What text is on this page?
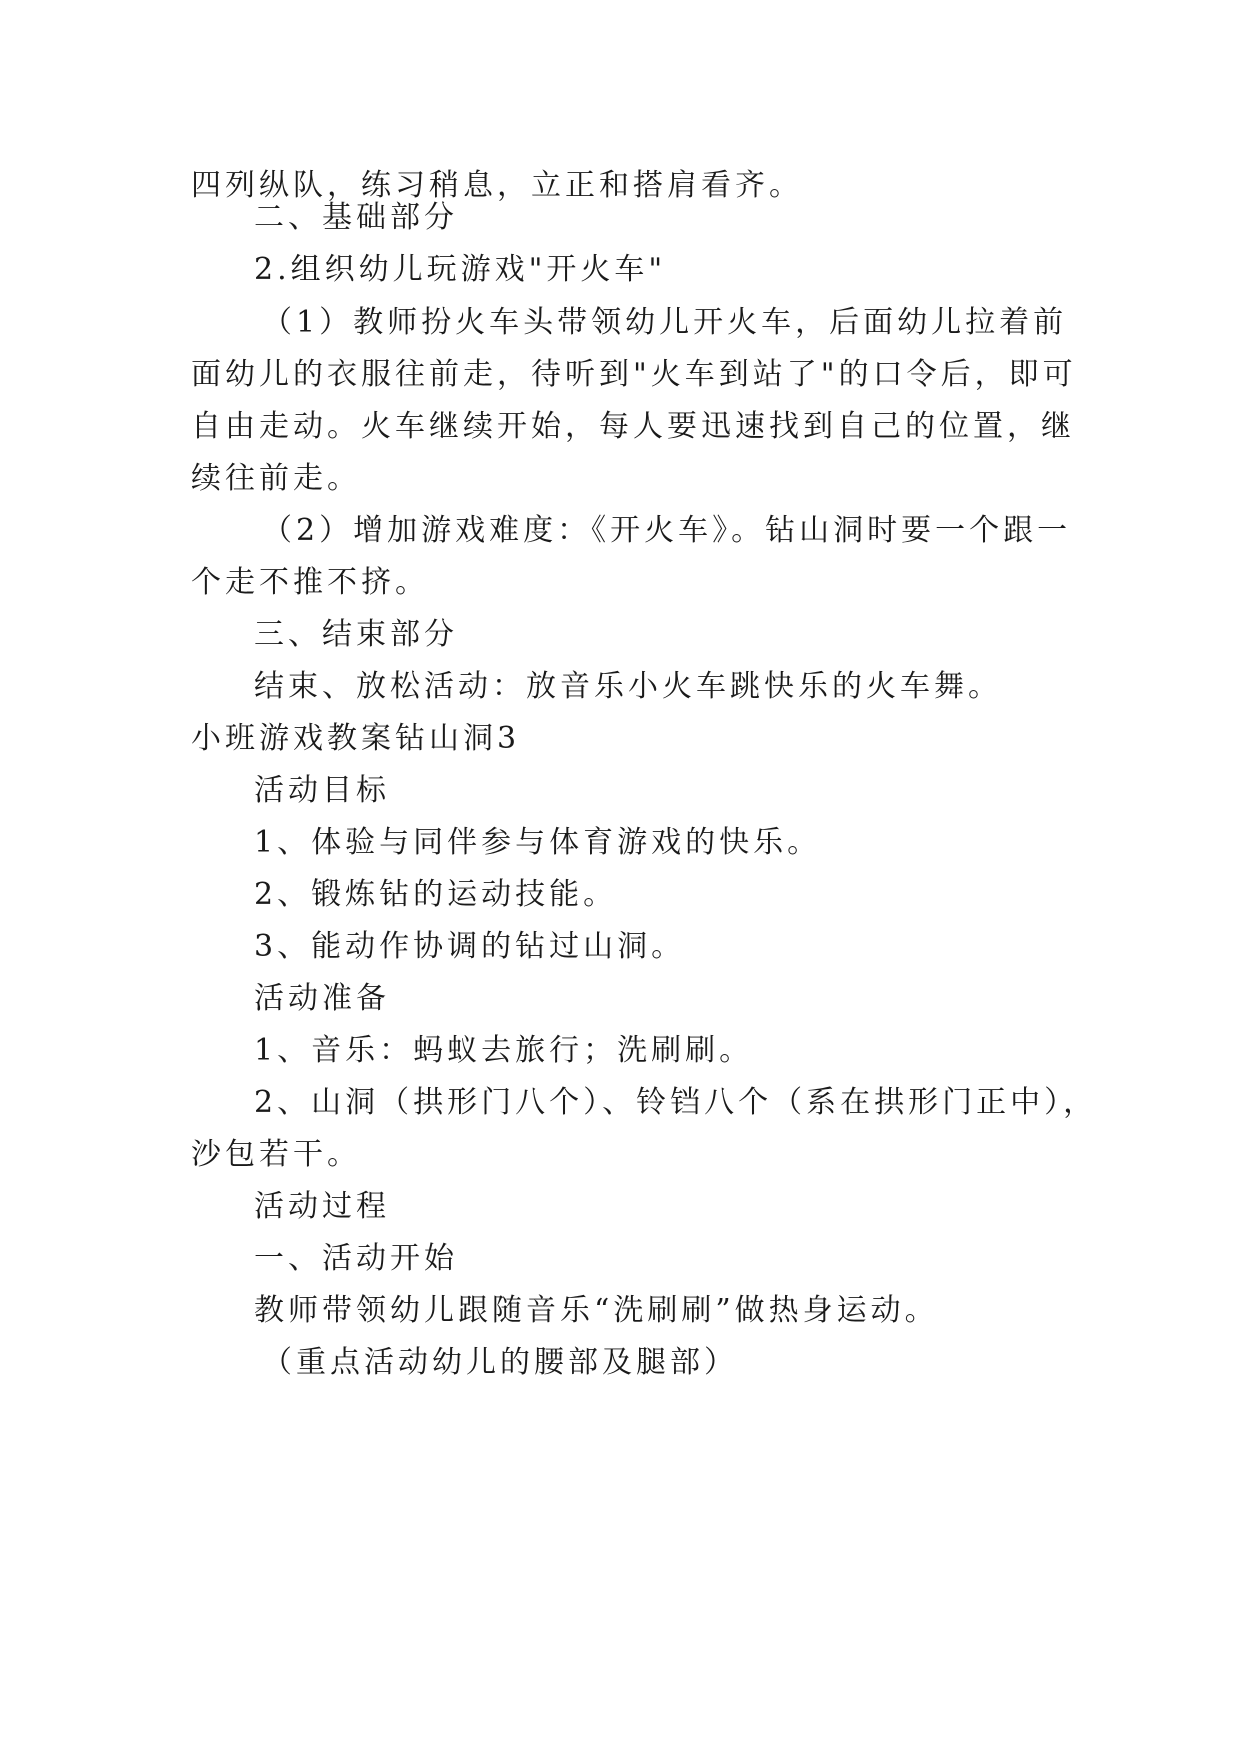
四列纵队，练习稍息，立正和搭肩看齐。
二、基础部分
2.组织幼儿玩游戏"开火车"
（1）教师扮火车头带领幼儿开火车，后面幼儿拉着前
面幼儿的衣服往前走，待听到"火车到站了"的口令后，即可
自由走动。火车继续开始，每人要迅速找到自己的位置，继
续往前走。
（2）增加游戏难度：《开火车》。钻山洞时要一个跟一
个走不推不挤。
三、结束部分
结束、放松活动：放音乐小火车跳快乐的火车舞。
小班游戏教案钻山洞3
活动目标
1、体验与同伴参与体育游戏的快乐。
2、锻炼钻的运动技能。
3、能动作协调的钻过山洞。
活动准备
1、音乐：蚂蚁去旅行；洗刷刷。
2、山洞（拱形门八个）、铃铛八个（系在拱形门正中），
沙包若干。
活动过程
一、活动开始
教师带领幼儿跟随音乐“洗刷刷”做热身运动。
（重点活动幼儿的腰部及腿部）
